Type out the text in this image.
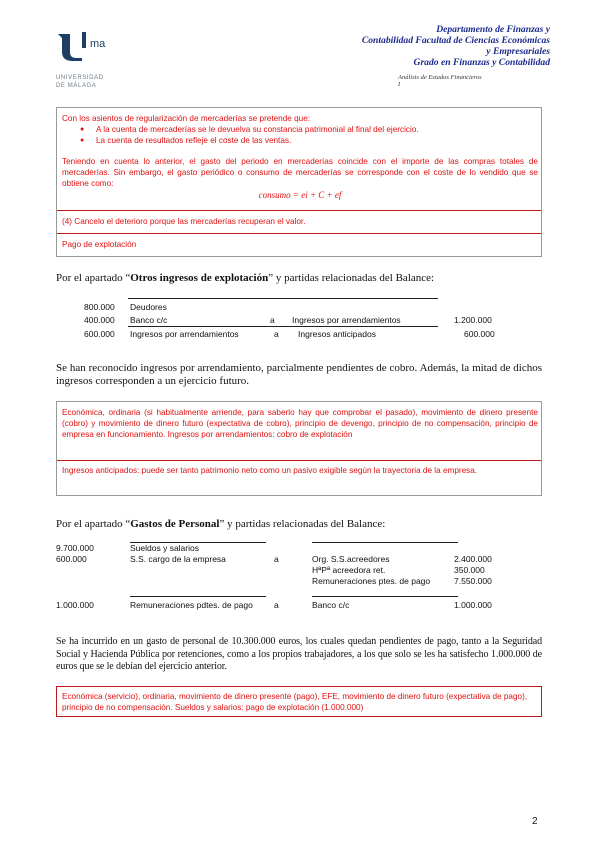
ma
UNIVERSIDAD
DE MÁLAGA
Departamento de Finanzas y
Contabilidad Facultad de Ciencias Económicas
y Empresariales
Grado en Finanzas y Contabilidad
Análisis de Estados Financieros
I
Con los asientos de regularización de mercaderías se pretende que:
● A la cuenta de mercaderías se le devuelva su constancia patrimonial al final del ejercicio.
● La cuenta de resultados refleje el coste de las ventas.
Teniendo en cuenta lo anterior, el gasto del periodo en mercaderías coincide con el importe de las compras totales de mercaderías. Sin embargo, el gasto periódico o consumo de mercaderías se corresponde con el coste de lo vendido que se obtiene como:
consumo = ei + C + ef
(4) Cancelo el deterioro porque las mercaderías recuperan el valor.
Pago de explotación
Por el apartado “Otros ingresos de explotación” y partidas relacionadas del Balance:
800.000 Deudores
400.000 Banco c/c	a Ingresos por arrendamientos	1.200.000
600.000 Ingresos por arrendamientos	a Ingresos anticipados	600.000
Se han reconocido ingresos por arrendamiento, parcialmente pendientes de cobro. Además, la mitad de dichos ingresos corresponden a un ejercicio futuro.
Económica, ordinaria (si habitualmente arriende, para saberlo hay que comprobar el pasado), movimiento de dinero presente (cobro) y movimiento de dinero futuro (expectativa de cobro), principio de devengo, principio de no compensación, principio de empresa en funcionamiento. Ingresos por arrendamientos: cobro de explotación
Ingresos anticipados: puede ser tanto patrimonio neto como un pasivo exigible según la trayectoria de la empresa.
Por el apartado “Gastos de Personal” y partidas relacionadas del Balance:
9.700.000	Sueldos y salarios
600.000	S.S. cargo de la empresa	a	Org. S.S.acreedores	2.400.000
HªPª acreedora ret.	350.000
Remuneraciones ptes. de pago	7.550.000
1.000.000	Remuneraciones pdtes. de pago a	Banco c/c	1.000.000
Se ha incurrido en un gasto de personal de 10.300.000 euros, los cuales quedan pendientes de pago, tanto a la Seguridad Social y Hacienda Pública por retenciones, como a los propios trabajadores, a los que solo se les ha satisfecho 1.000.000 de euros que se le debían del ejercicio anterior.
Económica (servicio), ordinaria, movimiento de dinero presente (pago), EFE, movimiento de dinero futuro (expectativa de pago), principio de no compensación. Sueldos y salarios: pago de explotación (1.000.000)
2
